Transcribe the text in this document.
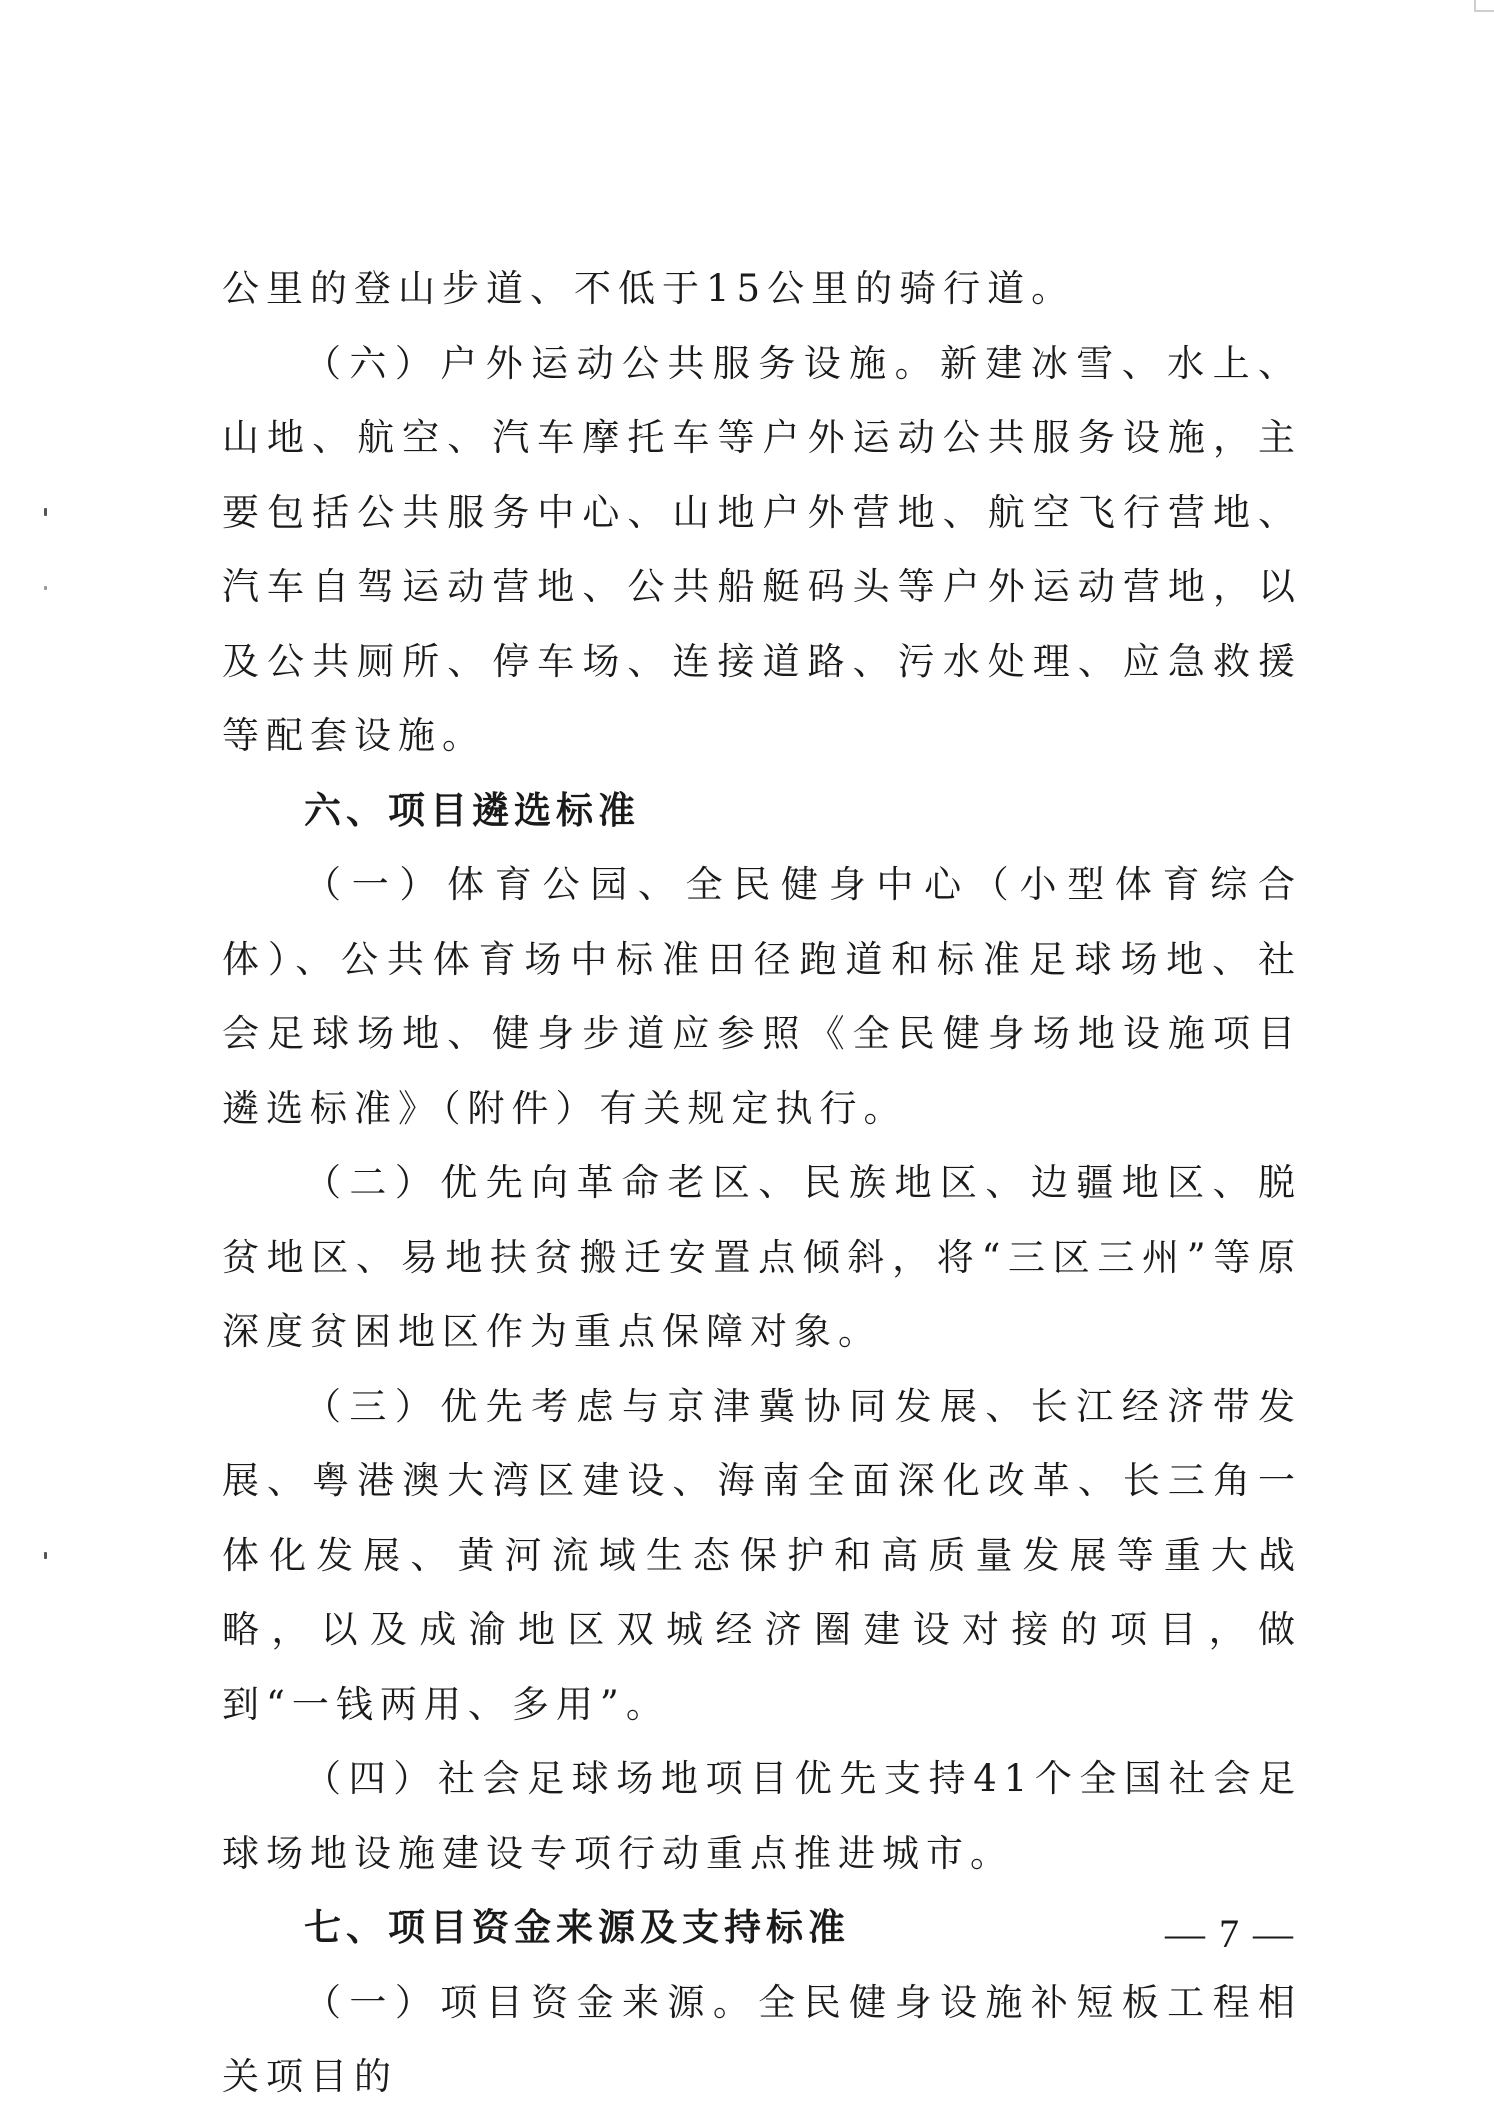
公里的登山步道、不低于15公里的骑行道。

（六）户外运动公共服务设施。新建冰雪、水上、山地、航空、汽车摩托车等户外运动公共服务设施，主要包括公共服务中心、山地户外营地、航空飞行营地、汽车自驾运动营地、公共船艇码头等户外运动营地，以及公共厕所、停车场、连接道路、污水处理、应急救援等配套设施。

六、项目遴选标准

（一）体育公园、全民健身中心（小型体育综合体）、公共体育场中标准田径跑道和标准足球场地、社会足球场地、健身步道应参照《全民健身场地设施项目遴选标准》（附件）有关规定执行。

（二）优先向革命老区、民族地区、边疆地区、脱贫地区、易地扶贫搬迁安置点倾斜，将“三区三州”等原深度贫困地区作为重点保障对象。

（三）优先考虑与京津冀协同发展、长江经济带发展、粤港澳大湾区建设、海南全面深化改革、长三角一体化发展、黄河流域生态保护和高质量发展等重大战略，以及成渝地区双城经济圈建设对接的项目，做到“一钱两用、多用”。

（四）社会足球场地项目优先支持41个全国社会足球场地设施建设专项行动重点推进城市。

七、项目资金来源及支持标准

（一）项目资金来源。全民健身设施补短板工程相关项目的

— 7 —
